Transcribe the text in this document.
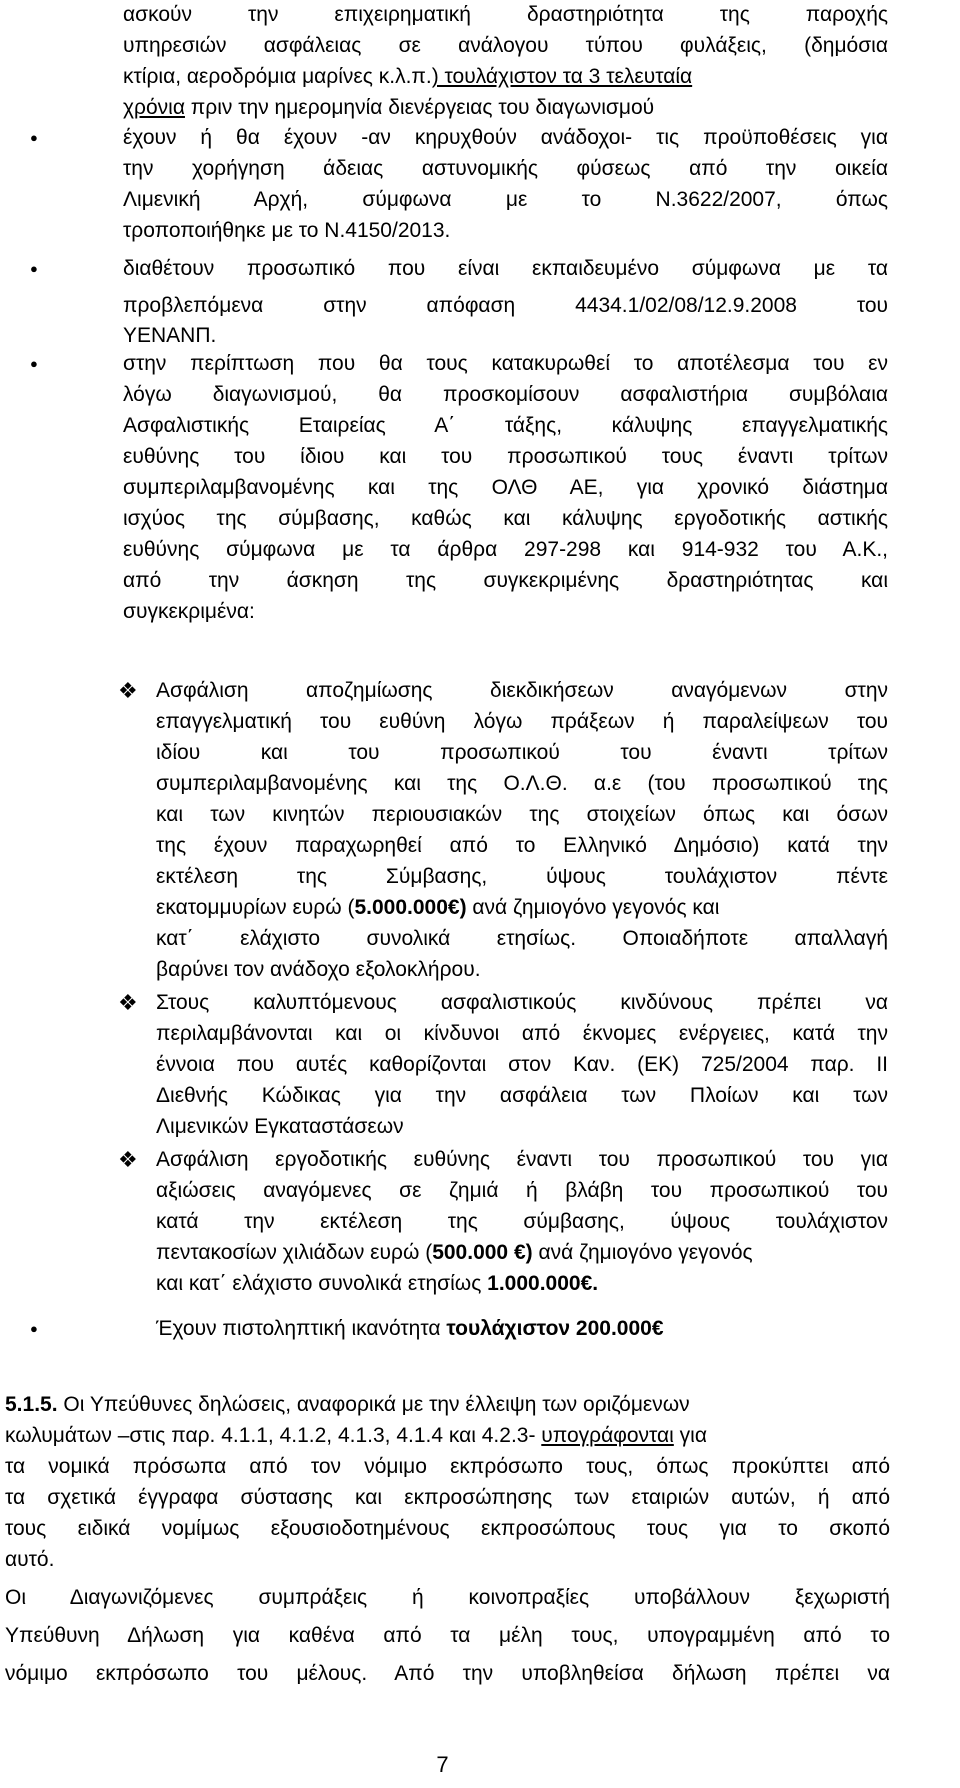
ασκούν την επιχειρηματική δραστηριότητα της παροχής

υπηρεσιών ασφάλειας σε ανάλογου τύπου φυλάξεις, (δημόσια

κτίρια, αεροδρόμια μαρίνες κ.λ.π.) τουλάχιστον τα 3 τελευταία

χρόνια πριν την ημερομηνία διενέργειας του διαγωνισμού

●	έχουν ή θα έχουν -αν κηρυχθούν ανάδοχοι- τις προϋποθέσεις για

την χορήγηση άδειας αστυνομικής φύσεως από την οικεία

Λιμενική Αρχή, σύμφωνα με το Ν.3622/2007, όπως

τροποποιήθηκε με το Ν.4150/2013.

●	διαθέτουν προσωπικό που είναι εκπαιδευμένο σύμφωνα με τα

προβλεπόμενα στην απόφαση 4434.1/02/08/12.9.2008 του

ΥΕΝΑΝΠ.

●	στην περίπτωση που θα τους κατακυρωθεί το αποτέλεσμα του εν

λόγω διαγωνισμού, θα προσκομίσουν ασφαλιστήρια συμβόλαια

Ασφαλιστικής Εταιρείας Α΄ τάξης, κάλυψης επαγγελματικής

ευθύνης του ίδιου και του προσωπικού τους έναντι τρίτων

συμπεριλαμβανομένης και της ΟΛΘ ΑΕ, για χρονικό διάστημα

ισχύος της σύμβασης, καθώς και κάλυψης εργοδοτικής αστικής

ευθύνης σύμφωνα με τα άρθρα 297-298 και 914-932 του Α.Κ.,

από την άσκηση της συγκεκριμένης δραστηριότητας και

συγκεκριμένα:

❖ Ασφάλιση αποζημίωσης διεκδικήσεων αναγόμενων στην

επαγγελματική του ευθύνη λόγω πράξεων ή παραλείψεων του

ιδίου και του προσωπικού του έναντι τρίτων

συμπεριλαμβανομένης και της Ο.Λ.Θ. α.ε (του προσωπικού της

και των κινητών περιουσιακών της στοιχείων όπως και όσων

της έχουν παραχωρηθεί από το Ελληνικό Δημόσιο) κατά την

εκτέλεση της Σύμβασης, ύψους τουλάχιστον πέντε

εκατομμυρίων ευρώ (5.000.000€) ανά ζημιογόνο γεγονός και

κατ΄ ελάχιστο συνολικά ετησίως. Οποιαδήποτε απαλλαγή

βαρύνει τον ανάδοχο εξολοκλήρου.

❖ Στους καλυπτόμενους ασφαλιστικούς κινδύνους πρέπει να

περιλαμβάνονται και οι κίνδυνοι από έκνομες ενέργειες, κατά την

έννοια που αυτές καθορίζονται στον Καν. (ΕΚ) 725/2004 παρ. ΙΙ

Διεθνής Κώδικας για την ασφάλεια των Πλοίων και των

Λιμενικών Εγκαταστάσεων

❖ Ασφάλιση εργοδοτικής ευθύνης έναντι του προσωπικού του για

αξιώσεις αναγόμενες σε ζημιά ή βλάβη του προσωπικού του

κατά την εκτέλεση της σύμβασης, ύψους τουλάχιστον

πεντακοσίων χιλιάδων ευρώ (500.000 €) ανά ζημιογόνο γεγονός

και κατ΄ ελάχιστο συνολικά ετησίως 1.000.000€.

●	Έχουν πιστοληπτική ικανότητα τουλάχιστον 200.000€

5.1.5. Οι Υπεύθυνες δηλώσεις, αναφορικά με την έλλειψη των οριζόμενων

κωλυμάτων –στις παρ. 4.1.1, 4.1.2, 4.1.3, 4.1.4 και 4.2.3- υπογράφονται για

τα νομικά πρόσωπα από τον νόμιμο εκπρόσωπο τους, όπως προκύπτει από

τα σχετικά έγγραφα σύστασης και εκπροσώπησης των εταιριών αυτών, ή από

τους ειδικά νομίμως εξουσιοδοτημένους εκπροσώπους τους για το σκοπό

αυτό.

Οι Διαγωνιζόμενες συμπράξεις ή κοινοπραξίες υποβάλλουν ξεχωριστή

Υπεύθυνη Δήλωση για καθένα από τα μέλη τους, υπογραμμένη από το

νόμιμο εκπρόσωπο του μέλους. Από την υποβληθείσα δήλωση πρέπει να

7
